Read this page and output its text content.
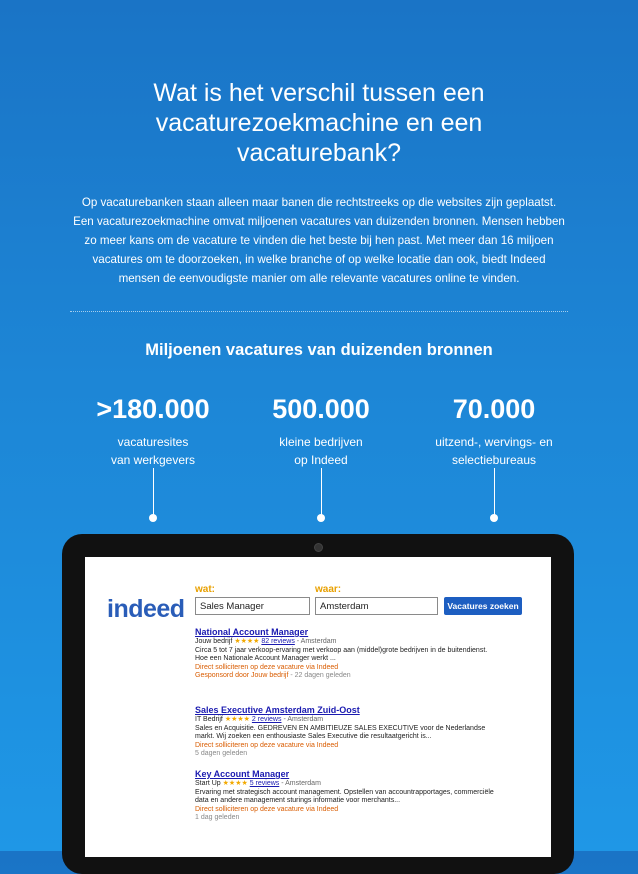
Wat is het verschil tussen een
vacaturezoekmachine en een
vacaturebank?
Op vacaturebanken staan alleen maar banen die rechtstreeks op die websites zijn geplaatst.
Een vacaturezoekmachine omvat miljoenen vacatures van duizenden bronnen. Mensen hebben
zo meer kans om de vacature te vinden die het beste bij hen past. Met meer dan 16 miljoen
vacatures om te doorzoeken, in welke branche of op welke locatie dan ook, biedt Indeed
mensen de eenvoudigste manier om alle relevante vacatures online te vinden.
Miljoenen vacatures van duizenden bronnen
>180.000
vacaturesites
van werkgevers
500.000
kleine bedrijven
op Indeed
70.000
uitzend-, wervings- en
selectiebureaus
indeed
wat:	waar:
Sales Manager	Amsterdam	Vacatures zoeken
National Account Manager
Jouw bedrijf ★★★★ 82 reviews - Amsterdam
Circa 5 tot 7 jaar verkoop-ervaring met verkoop aan (middel)grote bedrijven in de buitendienst.
Hoe een Nationale Account Manager werkt ...
Direct solliciteren op deze vacature via Indeed
Gesponsord door Jouw bedrijf - 22 dagen geleden
Sales Executive Amsterdam Zuid-Oost
IT Bedrijf ★★★★ 2 reviews - Amsterdam
Sales en Acquisitie. GEDREVEN EN AMBITIEUZE SALES EXECUTIVE voor de Nederlandse
markt. Wij zoeken een enthousiaste Sales Executive die resultaatgericht is...
Direct solliciteren op deze vacature via Indeed
5 dagen geleden
Key Account Manager
Start Up ★★★★ 5 reviews - Amsterdam
Ervaring met strategisch account management. Opstellen van accountrapportages, commerciële
data en andere management sturings informatie voor merchants...
Direct solliciteren op deze vacature via Indeed
1 dag geleden
